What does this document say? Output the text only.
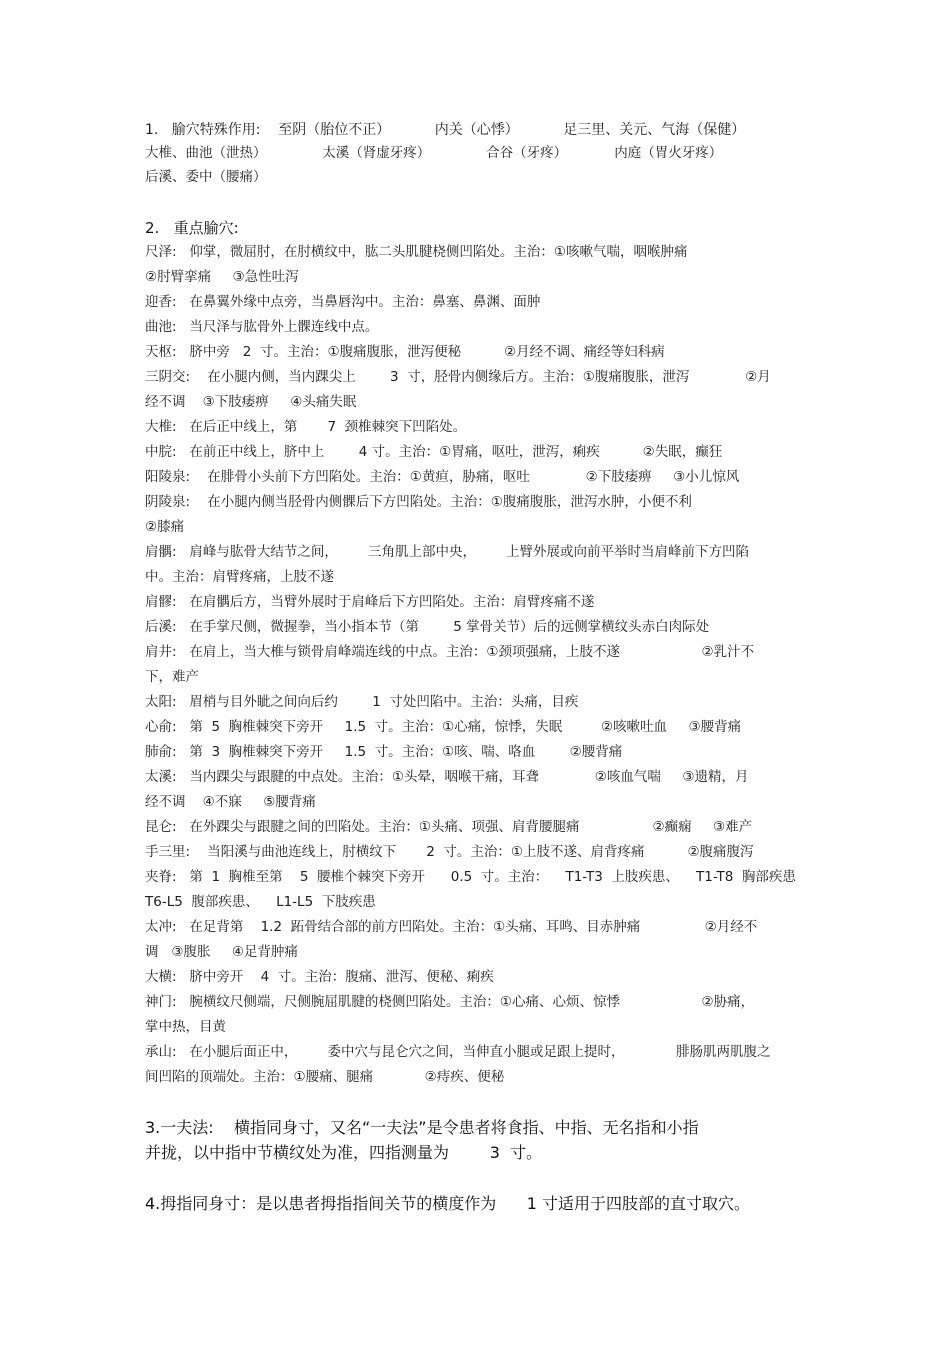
1.   腧穴特殊作用:    至阴（胎位不正）          内关（心悸）          足三里、关元、气海（保健）
大椎、曲池（泄热）             太溪（肾虚牙疼）             合谷（牙疼）           内庭（胃火牙疼）
后溪、委中（腰痛）
2.   重点腧穴:
尺泽:   仰掌，微屈肘，在肘横纹中，肱二头肌腱桡侧凹陷处。主治：①咳嗽气喘，咽喉肿痛
②肘臂挛痛     ③急性吐泻
迎香:   在鼻翼外缘中点旁，当鼻唇沟中。主治：鼻塞、鼻渊、面肿
曲池:   当尺泽与肱骨外上髁连线中点。
天枢:   脐中旁   2  寸。主治：①腹痛腹胀，泄泻便秘          ②月经不调、痛经等妇科病
三阴交:    在小腿内侧，当内踝尖上        3  寸，胫骨内侧缘后方。主治：①腹痛腹胀，泄泻             ②月
经不调    ③下肢痿痹     ④头痛失眠
大椎:   在后正中线上，第       7  颈椎棘突下凹陷处。
中脘:   在前正中线上，脐中上        4 寸。主治：①胃痛，呕吐，泄泻，痢疾          ②失眠，癫狂
阳陵泉:    在腓骨小头前下方凹陷处。主治：①黄疸，胁痛，呕吐             ②下肢痿痹     ③小儿惊风
阴陵泉:    在小腿内侧当胫骨内侧髁后下方凹陷处。主治：①腹痛腹胀，泄泻水肿，小便不利
②膝痛
肩髃:   肩峰与肱骨大结节之间，       三角肌上部中央，       上臂外展或向前平举时当肩峰前下方凹陷
中。主治：肩臂疼痛，上肢不遂
肩髎:   在肩髃后方，当臂外展时于肩峰后下方凹陷处。主治：肩臂疼痛不遂
后溪:   在手掌尺侧，微握拳，当小指本节（第        5 掌骨关节）后的远侧掌横纹头赤白肉际处
肩井:   在肩上，当大椎与锁骨肩峰端连线的中点。主治：①颈项强痛，上肢不遂                   ②乳汁不
下，难产
太阳:   眉梢与目外眦之间向后约        1  寸处凹陷中。主治：头痛，目疾
心俞:   第  5  胸椎棘突下旁开     1.5  寸。主治：①心痛，惊悸，失眠         ②咳嗽吐血     ③腰背痛
肺俞:   第  3  胸椎棘突下旁开     1.5  寸。主治：①咳、喘、咯血        ②腰背痛
太溪:   当内踝尖与跟腱的中点处。主治：①头晕，咽喉干痛，耳聋             ②咳血气喘     ③遗精，月
经不调    ④不寐     ⑤腰背痛
昆仑:   在外踝尖与跟腱之间的凹陷处。主治：①头痛、项强、肩背腰腿痛                 ②癫痫     ③难产
手三里:    当阳溪与曲池连线上，肘横纹下       2  寸。主治：①上肢不遂、肩背疼痛          ②腹痛腹泻
夹脊:   第  1  胸椎至第    5  腰椎个棘突下旁开      0.5  寸。主治：    T1-T3  上肢疾患、    T1-T8  胸部疾患
T6-L5  腹部疾患、    L1-L5  下肢疾患
太冲:   在足背第    1.2  跖骨结合部的前方凹陷处。主治：①头痛、耳鸣、目赤肿痛               ②月经不
调   ③腹胀     ④足背肿痛
大横:   脐中旁开    4  寸。主治：腹痛、泄泻、便秘、痢疾
神门:   腕横纹尺侧端，尺侧腕屈肌腱的桡侧凹陷处。主治：①心痛、心烦、惊悸                   ②胁痛，
掌中热，目黄
承山:   在小腿后面正中，       委中穴与昆仑穴之间，当伸直小腿或足跟上提时，            腓肠肌两肌腹之
间凹陷的顶端处。主治：①腰痛、腿痛            ②痔疾、便秘
3.一夫法:    横指同身寸，又名“一夫法”是令患者将食指、中指、无名指和小指
并拢，以中指中节横纹处为准，四指测量为        3  寸。
4.拇指同身寸：是以患者拇指指间关节的横度作为      1 寸适用于四肢部的直寸取穴。
